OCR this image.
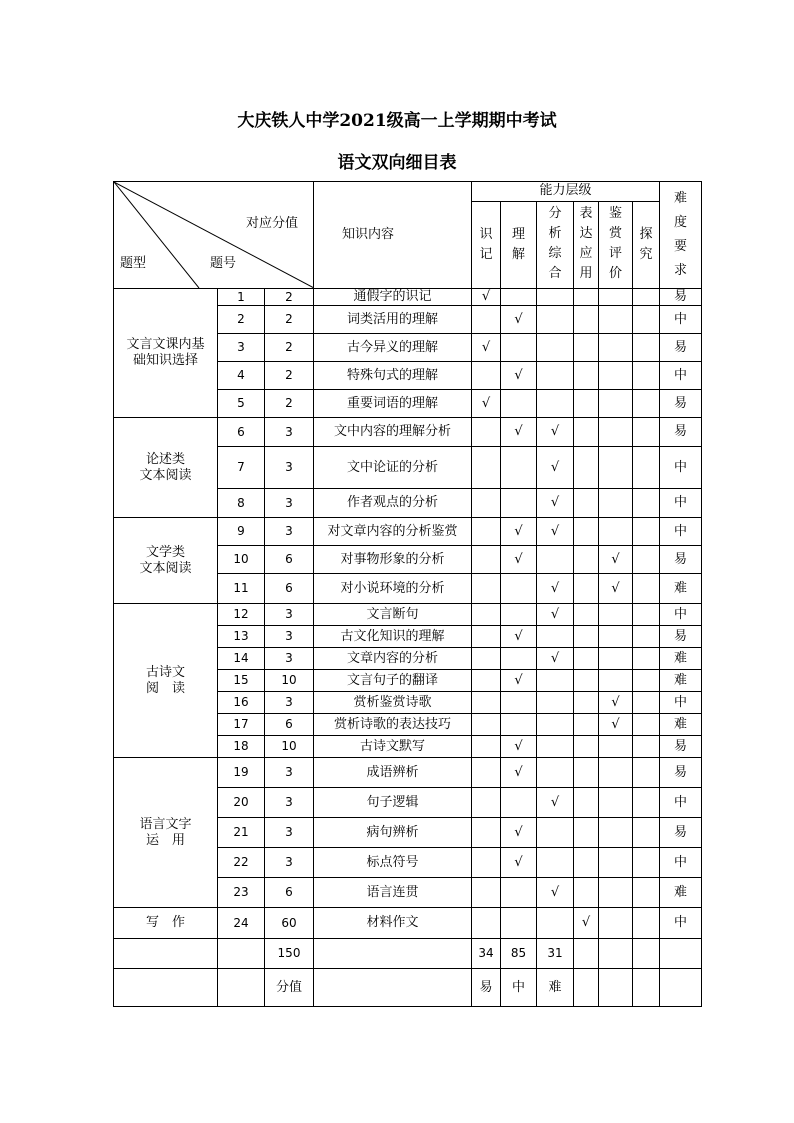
大庆铁人中学2021级高一上学期期中考试
语文双向细目表
对应分值
题型 题号			知识内容	能力层级						难度要求
				识记	理解	分析综合	表达应用	鉴赏评价	探究	

文言文课内基
础知识选择	1	2	通假字的识记	√						易
	2	2	词类活用的理解		√					中
	3	2	古今异义的理解	√						易
	4	2	特殊句式的理解		√					中
	5	2	重要词语的理解	√						易

论述类
文本阅读	6	3	文中内容的理解分析		√	√				易
	7	3	文中论证的分析			√				中
	8	3	作者观点的分析			√				中

文学类
文本阅读	9	3	对文章内容的分析鉴赏		√	√				中
	10	6	对事物形象的分析		√			√		易
	11	6	对小说环境的分析			√		√		难

古诗文
阅　读	12	3	文言断句			√				中
	13	3	古文化知识的理解		√					易
	14	3	文章内容的分析			√				难
	15	10	文言句子的翻译		√					难
	16	3	赏析鉴赏诗歌					√		中
	17	6	赏析诗歌的表达技巧					√		难
	18	10	古诗文默写		√					易

语言文字
运　用	19	3	成语辨析		√					易
	20	3	句子逻辑			√				中
	21	3	病句辨析		√					易
	22	3	标点符号		√					中
	23	6	语言连贯			√				难

写　作	24	60	材料作文				√			中
		150		34	85	31				
		分值		易	中	难				
